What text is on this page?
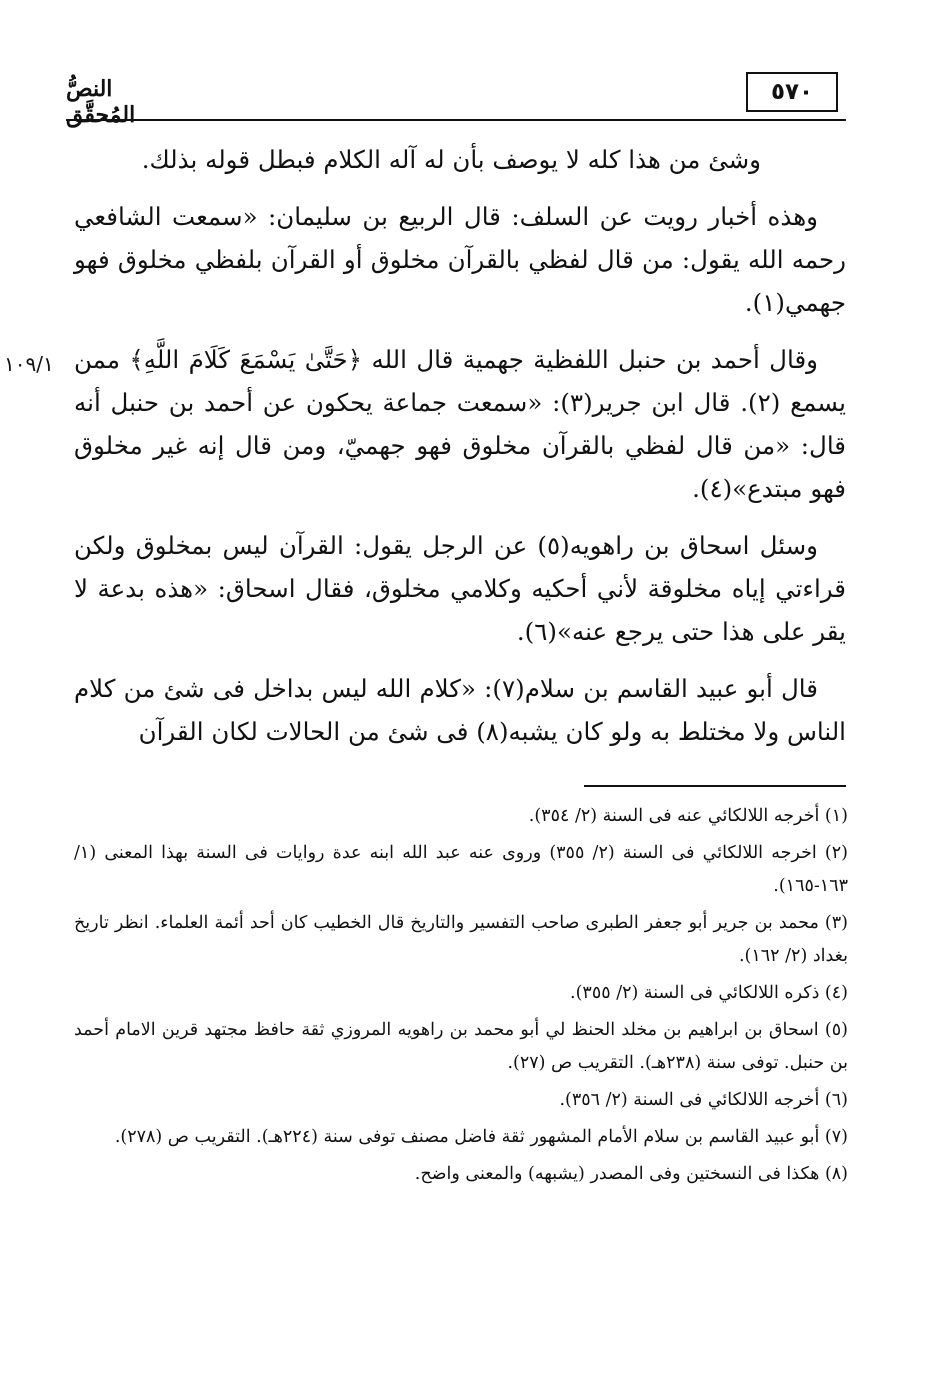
النصُّ المُحقَّق
٥٧٠
١٠٩/١

وشئ من هذا كله لا يوصف بأن له آله الكلام فبطل قوله بذلك.

وهذه أخبار رويت عن السلف: قال الربيع بن سليمان: «سمعت الشافعي رحمه الله يقول: من قال لفظي بالقرآن مخلوق أو القرآن بلفظي مخلوق فهو جهمي(١).

وقال أحمد بن حنبل اللفظية جهمية قال الله ﴿حَتَّىٰ يَسْمَعَ كَلَامَ اللَّهِ﴾ ممن يسمع (٢). قال ابن جرير(٣): «سمعت جماعة يحكون عن أحمد بن حنبل أنه قال: «من قال لفظي بالقرآن مخلوق فهو جهميّ، ومن قال إنه غير مخلوق فهو مبتدع»(٤).

وسئل اسحاق بن راهويه(٥) عن الرجل يقول: القرآن ليس بمخلوق ولكن قراءتي إياه مخلوقة لأني أحكيه وكلامي مخلوق، فقال اسحاق: «هذه بدعة لا يقر على هذا حتى يرجع عنه»(٦).

قال أبو عبيد القاسم بن سلام(٧): «كلام الله ليس بداخل فى شئ من كلام الناس ولا مختلط به ولو كان يشبه(٨) فى شئ من الحالات لكان القرآن

(١) أخرجه اللالكائي عنه فى السنة (٢/ ٣٥٤).

(٢) اخرجه اللالكائي فى السنة (٢/ ٣٥٥) وروى عنه عبد الله ابنه عدة روايات فى السنة بهذا المعنى (١/ ١٦٣-١٦٥).

(٣) محمد بن جرير أبو جعفر الطبرى صاحب التفسير والتاريخ قال الخطيب كان أحد أئمة العلماء. انظر تاريخ بغداد (٢/ ١٦٢).

(٤) ذكره اللالكائي فى السنة (٢/ ٣٥٥).

(٥) اسحاق بن ابراهيم بن مخلد الحنظ لي أبو محمد بن راهويه المروزي ثقة حافظ مجتهد قرين الامام أحمد بن حنبل. توفى سنة (٢٣٨هـ). التقريب ص (٢٧).

(٦) أخرجه اللالكائي فى السنة (٢/ ٣٥٦).

(٧) أبو عبيد القاسم بن سلام الأمام المشهور ثقة فاضل مصنف توفى سنة (٢٢٤هـ). التقريب ص (٢٧٨).

(٨) هكذا فى النسختين وفى المصدر (يشبهه) والمعنى واضح.
